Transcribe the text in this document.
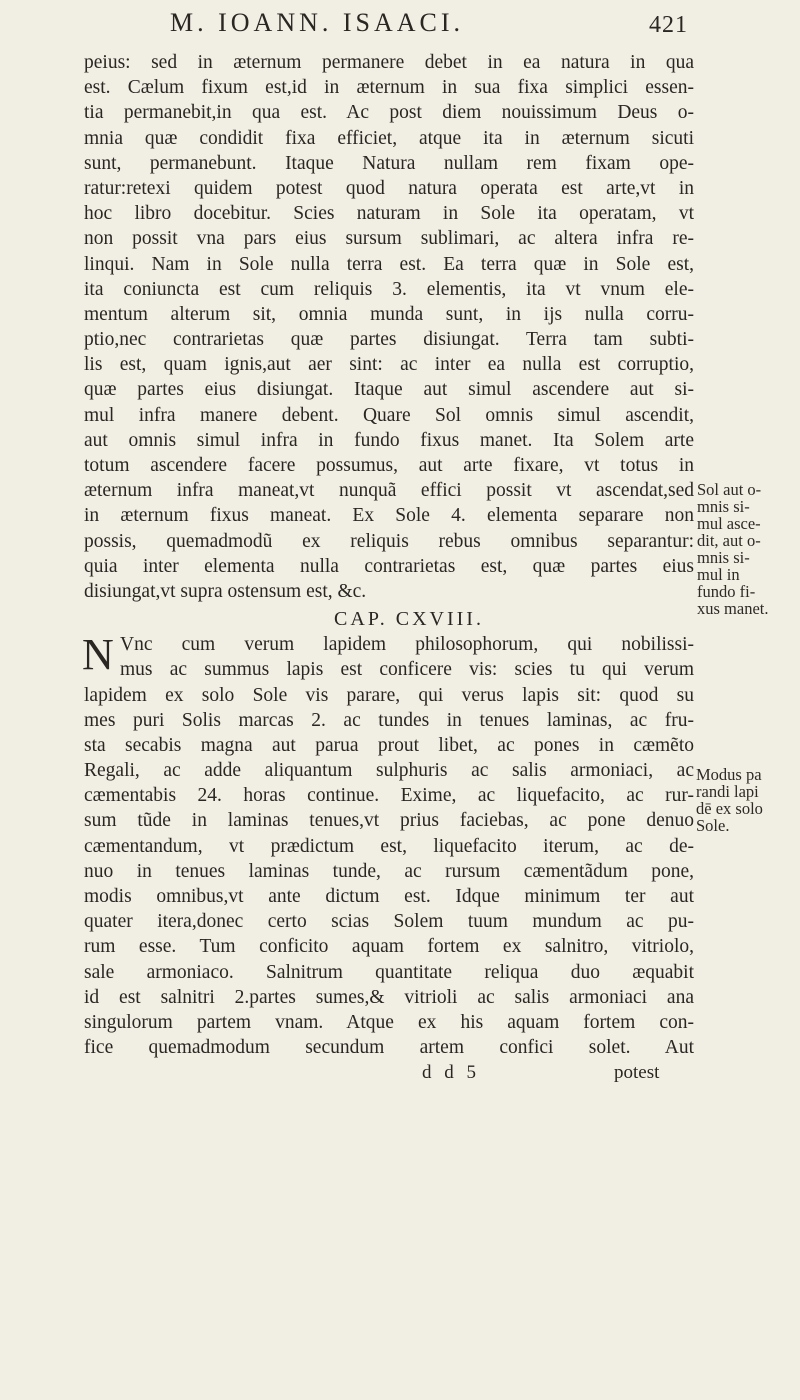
M. IOANN. ISAACI.	421
peius: sed in æternum permanere debet in ea natura in qua
est. Cælum fixum est,id in æternum in sua fixa simplici essen-
tia permanebit,in qua est. Ac post diem nouissimum Deus o-
mnia quæ condidit fixa efficiet, atque ita in æternum sicuti
sunt, permanebunt. Itaque Natura nullam rem fixam ope-
ratur:retexi quidem potest quod natura operata est arte,vt in
hoc libro docebitur. Scies naturam in Sole ita operatam, vt
non possit vna pars eius sursum sublimari, ac altera infra re-
linqui. Nam in Sole nulla terra est. Ea terra quæ in Sole est,
ita coniuncta est cum reliquis 3. elementis, ita vt vnum ele-
mentum alterum sit, omnia munda sunt, in ijs nulla corru-
ptio,nec contrarietas quæ partes disiungat. Terra tam subti-
lis est, quam ignis,aut aer sint: ac inter ea nulla est corruptio,
quæ partes eius disiungat. Itaque aut simul ascendere aut si-
mul infra manere debent. Quare Sol omnis simul ascendit,
aut omnis simul infra in fundo fixus manet. Ita Solem arte
totum ascendere facere possumus, aut arte fixare, vt totus in
æternum infra maneat,vt nunquã effici possit vt ascendat,sed
in æternum fixus maneat. Ex Sole 4. elementa separare non
possis, quemadmodũ ex reliquis rebus omnibus separantur:
quia inter elementa nulla contrarietas est, quæ partes eius
disiungat,vt supra ostensum est, &c.
CAP. CXVIII.
N Vnc cum verum lapidem philosophorum, qui nobilissi-
mus ac summus lapis est conficere vis: scies tu qui verum
lapidem ex solo Sole vis parare, qui verus lapis sit: quod su
mes puri Solis marcas 2. ac tundes in tenues laminas, ac fru-
sta secabis magna aut parua prout libet, ac pones in cæmẽto
Regali, ac adde aliquantum sulphuris ac salis armoniaci, ac
cæmentabis 24. horas continue. Exime, ac liquefacito, ac rur-
sum tũde in laminas tenues,vt prius faciebas, ac pone denuo
cæmentandum, vt prædictum est, liquefacito iterum, ac de-
nuo in tenues laminas tunde, ac rursum cæmentãdum pone,
modis omnibus,vt ante dictum est. Idque minimum ter aut
quater itera,donec certo scias Solem tuum mundum ac pu-
rum esse. Tum conficito aquam fortem ex salnitro, vitriolo,
sale armoniaco. Salnitrum quantitate reliqua duo æquabit
id est salnitri 2.partes sumes,& vitrioli ac salis armoniaci ana
singulorum partem vnam. Atque ex his aquam fortem con-
fice quemadmodum secundum artem confici solet. Aut
d d 5	potest
Sol aut o-
mnis si-
mul asce-
dit, aut o-
mnis si-
mul in
fundo fi-
xus manet.
Modus pa
randi lapi
dē ex solo
Sole.
